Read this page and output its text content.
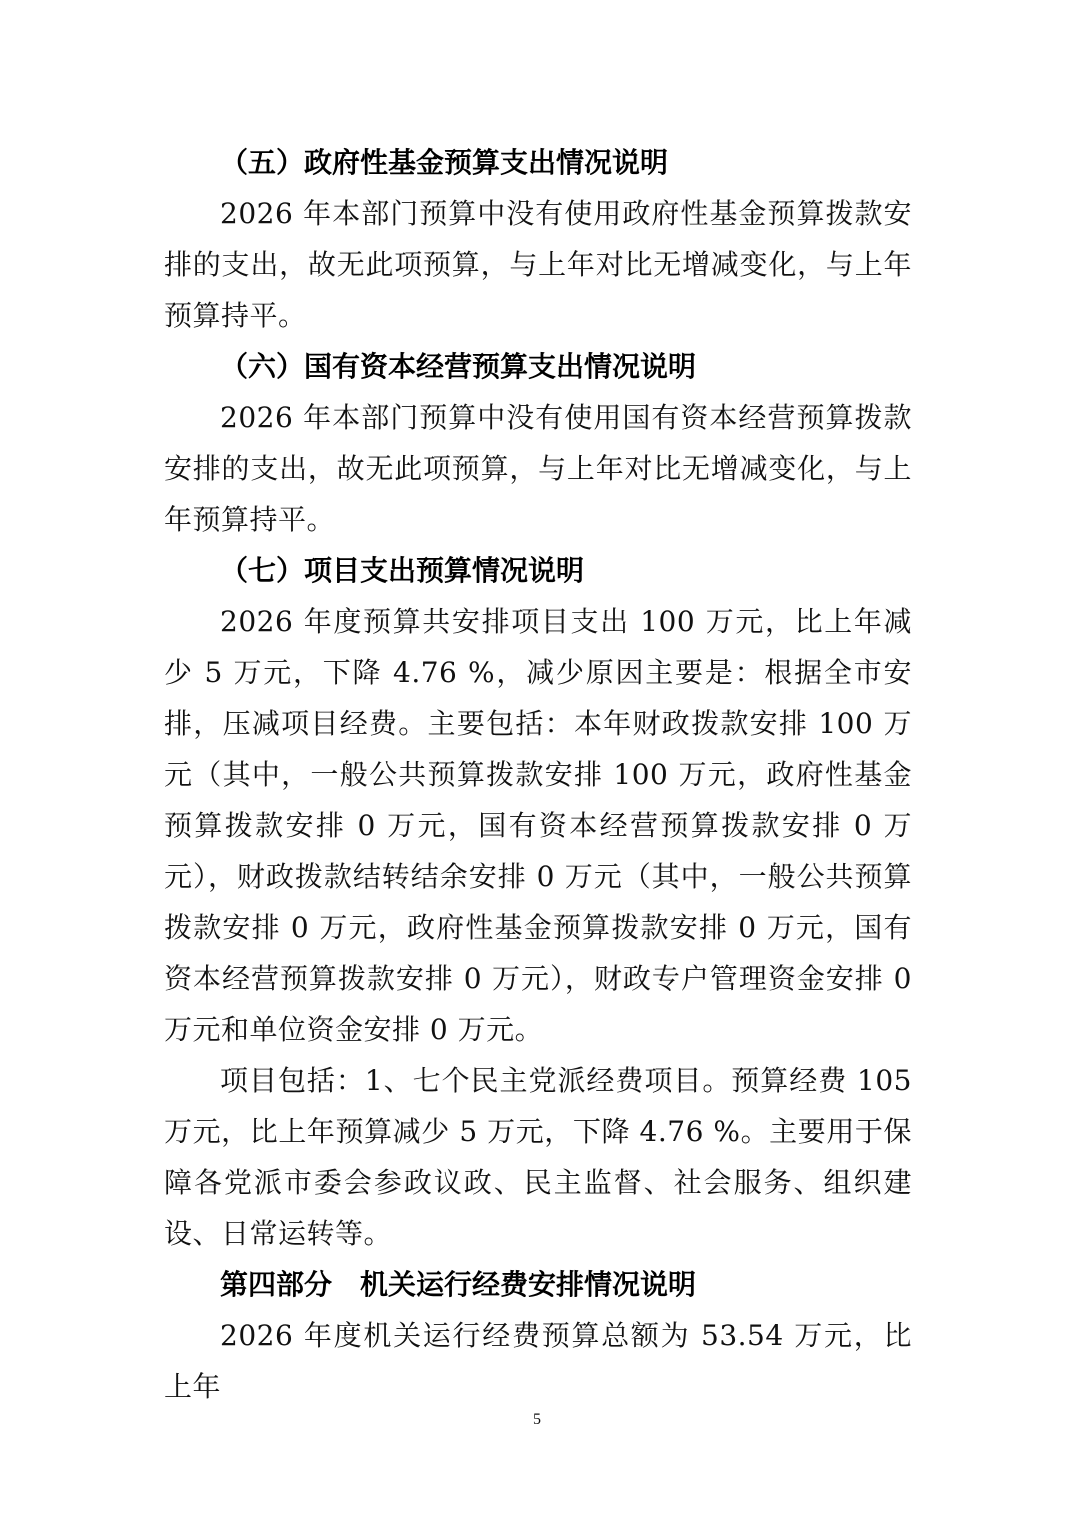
（五）政府性基金预算支出情况说明

2026 年本部门预算中没有使用政府性基金预算拨款安排的支出，故无此项预算，与上年对比无增减变化，与上年预算持平。

（六）国有资本经营预算支出情况说明

2026 年本部门预算中没有使用国有资本经营预算拨款安排的支出，故无此项预算，与上年对比无增减变化，与上年预算持平。

（七）项目支出预算情况说明

2026 年度预算共安排项目支出 100 万元，比上年减少 5 万元，下降 4.76 %，减少原因主要是：根据全市安排，压减项目经费。主要包括：本年财政拨款安排 100 万元（其中，一般公共预算拨款安排 100 万元，政府性基金预算拨款安排 0 万元，国有资本经营预算拨款安排 0 万元），财政拨款结转结余安排 0 万元（其中，一般公共预算拨款安排 0 万元，政府性基金预算拨款安排 0 万元，国有资本经营预算拨款安排 0 万元），财政专户管理资金安排 0 万元和单位资金安排 0 万元。

项目包括：1、七个民主党派经费项目。预算经费 105 万元，比上年预算减少 5 万元，下降 4.76 %。主要用于保障各党派市委会参政议政、民主监督、社会服务、组织建设、日常运转等。

第四部分　机关运行经费安排情况说明

2026 年度机关运行经费预算总额为 53.54 万元，比上年

5
